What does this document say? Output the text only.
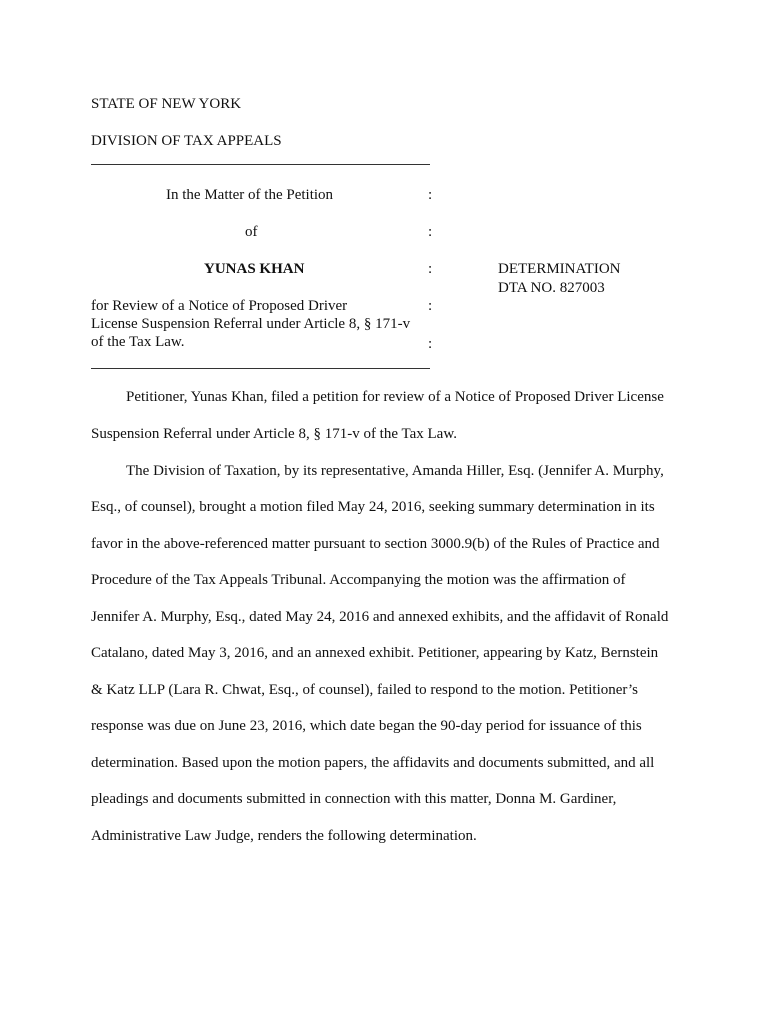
STATE OF NEW YORK
DIVISION OF TAX APPEALS
In the Matter of the Petition	:
of	:
YUNAS KHAN	:	DETERMINATION
DTA NO. 827003
for Review of a Notice of Proposed Driver	:
License Suspension Referral under Article 8, § 171-v
of the Tax Law.	:
Petitioner, Yunas Khan, filed a petition for review of a Notice of Proposed Driver License
Suspension Referral under Article 8, § 171-v of the Tax Law.
The Division of Taxation, by its representative, Amanda Hiller, Esq. (Jennifer A. Murphy,
Esq., of counsel), brought a motion filed May 24, 2016, seeking summary determination in its
favor in the above-referenced matter pursuant to section 3000.9(b) of the Rules of Practice and
Procedure of the Tax Appeals Tribunal. Accompanying the motion was the affirmation of
Jennifer A. Murphy, Esq., dated May 24, 2016 and annexed exhibits, and the affidavit of Ronald
Catalano, dated May 3, 2016, and an annexed exhibit. Petitioner, appearing by Katz, Bernstein
& Katz LLP (Lara R. Chwat, Esq., of counsel), failed to respond to the motion. Petitioner’s
response was due on June 23, 2016, which date began the 90-day period for issuance of this
determination. Based upon the motion papers, the affidavits and documents submitted, and all
pleadings and documents submitted in connection with this matter, Donna M. Gardiner,
Administrative Law Judge, renders the following determination.
